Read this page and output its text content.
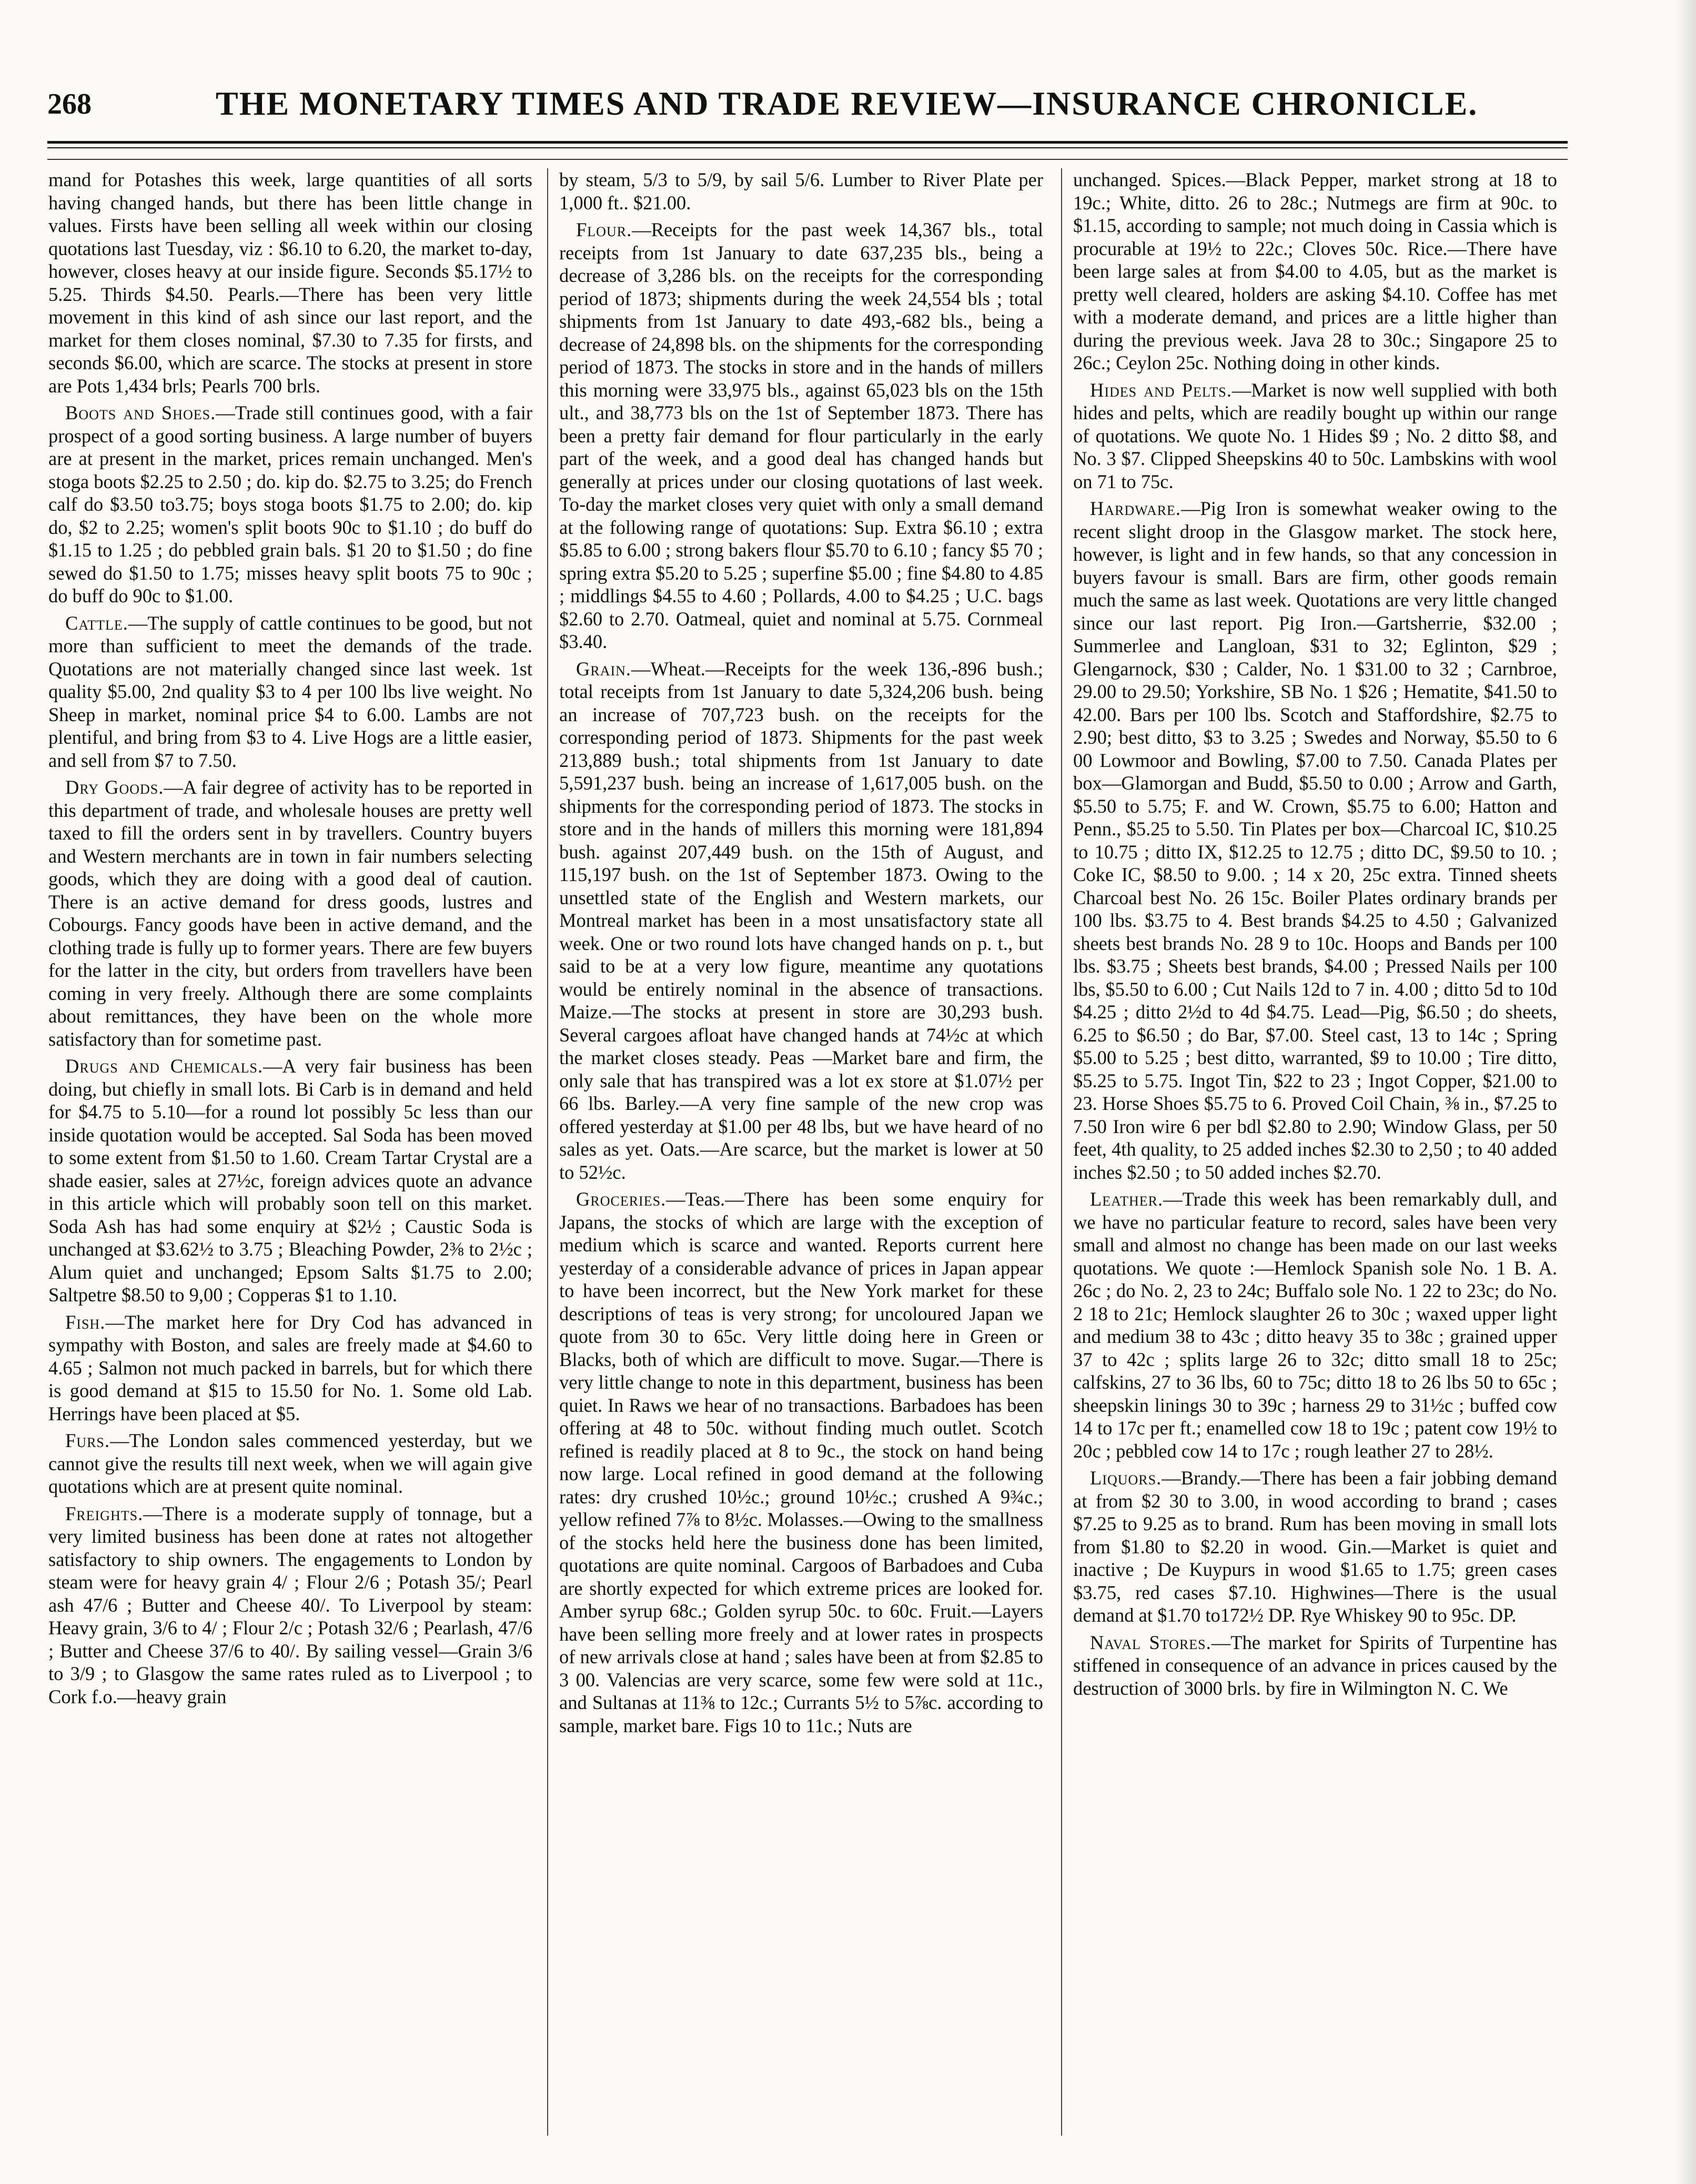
268	THE MONETARY TIMES AND TRADE REVIEW—INSURANCE CHRONICLE.

mand for Potashes this week, large quantities of all sorts having changed hands, but there has been little change in values. Firsts have been selling all week within our closing quotations last Tuesday, viz : $6.10 to 6.20, the market to-day, however, closes heavy at our inside figure. Seconds $5.17½ to 5.25. Thirds $4.50. Pearls.—There has been very little movement in this kind of ash since our last report, and the market for them closes nominal, $7.30 to 7.35 for firsts, and seconds $6.00, which are scarce. The stocks at present in store are Pots 1,434 brls; Pearls 700 brls.

Boots and Shoes.—Trade still continues good, with a fair prospect of a good sorting business. A large number of buyers are at present in the market, prices remain unchanged. Men's stoga boots $2.25 to 2.50 ; do. kip do. $2.75 to 3.25; do French calf do $3.50 to3.75; boys stoga boots $1.75 to 2.00; do. kip do, $2 to 2.25; women's split boots 90c to $1.10 ; do buff do $1.15 to 1.25 ; do pebbled grain bals. $1 20 to $1.50 ; do fine sewed do $1.50 to 1.75; misses heavy split boots 75 to 90c ; do buff do 90c to $1.00.

Cattle.—The supply of cattle continues to be good, but not more than sufficient to meet the demands of the trade. Quotations are not materially changed since last week. 1st quality $5.00, 2nd quality $3 to 4 per 100 lbs live weight. No Sheep in market, nominal price $4 to 6.00. Lambs are not plentiful, and bring from $3 to 4. Live Hogs are a little easier, and sell from $7 to 7.50.

Dry Goods.—A fair degree of activity has to be reported in this department of trade, and wholesale houses are pretty well taxed to fill the orders sent in by travellers. Country buyers and Western merchants are in town in fair numbers selecting goods, which they are doing with a good deal of caution. There is an active demand for dress goods, lustres and Cobourgs. Fancy goods have been in active demand, and the clothing trade is fully up to former years. There are few buyers for the latter in the city, but orders from travellers have been coming in very freely. Although there are some complaints about remittances, they have been on the whole more satisfactory than for sometime past.

Drugs and Chemicals.—A very fair business has been doing, but chiefly in small lots. Bi Carb is in demand and held for $4.75 to 5.10—for a round lot possibly 5c less than our inside quotation would be accepted. Sal Soda has been moved to some extent from $1.50 to 1.60. Cream Tartar Crystal are a shade easier, sales at 27½c, foreign advices quote an advance in this article which will probably soon tell on this market. Soda Ash has had some enquiry at $2½ ; Caustic Soda is unchanged at $3.62½ to 3.75 ; Bleaching Powder, 2⅜ to 2½c ; Alum quiet and unchanged; Epsom Salts $1.75 to 2.00; Saltpetre $8.50 to 9,00 ; Copperas $1 to 1.10.

Fish.—The market here for Dry Cod has advanced in sympathy with Boston, and sales are freely made at $4.60 to 4.65 ; Salmon not much packed in barrels, but for which there is good demand at $15 to 15.50 for No. 1. Some old Lab. Herrings have been placed at $5.

Furs.—The London sales commenced yesterday, but we cannot give the results till next week, when we will again give quotations which are at present quite nominal.

Freights.—There is a moderate supply of tonnage, but a very limited business has been done at rates not altogether satisfactory to ship owners. The engagements to London by steam were for heavy grain 4/ ; Flour 2/6 ; Potash 35/; Pearl ash 47/6 ; Butter and Cheese 40/. To Liverpool by steam: Heavy grain, 3/6 to 4/ ; Flour 2/c ; Potash 32/6 ; Pearlash, 47/6 ; Butter and Cheese 37/6 to 40/. By sailing vessel—Grain 3/6 to 3/9 ; to Glasgow the same rates ruled as to Liverpool ; to Cork f.o.—heavy grain

by steam, 5/3 to 5/9, by sail 5/6. Lumber to River Plate per 1,000 ft.. $21.00.

Flour.—Receipts for the past week 14,367 bls., total receipts from 1st January to date 637,235 bls., being a decrease of 3,286 bls. on the receipts for the corresponding period of 1873; shipments during the week 24,554 bls ; total shipments from 1st January to date 493,-682 bls., being a decrease of 24,898 bls. on the shipments for the corresponding period of 1873. The stocks in store and in the hands of millers this morning were 33,975 bls., against 65,023 bls on the 15th ult., and 38,773 bls on the 1st of September 1873. There has been a pretty fair demand for flour particularly in the early part of the week, and a good deal has changed hands but generally at prices under our closing quotations of last week. To-day the market closes very quiet with only a small demand at the following range of quotations: Sup. Extra $6.10 ; extra $5.85 to 6.00 ; strong bakers flour $5.70 to 6.10 ; fancy $5 70 ; spring extra $5.20 to 5.25 ; superfine $5.00 ; fine $4.80 to 4.85 ; middlings $4.55 to 4.60 ; Pollards, 4.00 to $4.25 ; U.C. bags $2.60 to 2.70. Oatmeal, quiet and nominal at 5.75. Cornmeal $3.40.

Grain.—Wheat.—Receipts for the week 136,-896 bush.; total receipts from 1st January to date 5,324,206 bush. being an increase of 707,723 bush. on the receipts for the corresponding period of 1873. Shipments for the past week 213,889 bush.; total shipments from 1st January to date 5,591,237 bush. being an increase of 1,617,005 bush. on the shipments for the corresponding period of 1873. The stocks in store and in the hands of millers this morning were 181,894 bush. against 207,449 bush. on the 15th of August, and 115,197 bush. on the 1st of September 1873. Owing to the unsettled state of the English and Western markets, our Montreal market has been in a most unsatisfactory state all week. One or two round lots have changed hands on p. t., but said to be at a very low figure, meantime any quotations would be entirely nominal in the absence of transactions. Maize.—The stocks at present in store are 30,293 bush. Several cargoes afloat have changed hands at 74½c at which the market closes steady. Peas —Market bare and firm, the only sale that has transpired was a lot ex store at $1.07½ per 66 lbs. Barley.—A very fine sample of the new crop was offered yesterday at $1.00 per 48 lbs, but we have heard of no sales as yet. Oats.—Are scarce, but the market is lower at 50 to 52½c.

Groceries.—Teas.—There has been some enquiry for Japans, the stocks of which are large with the exception of medium which is scarce and wanted. Reports current here yesterday of a considerable advance of prices in Japan appear to have been incorrect, but the New York market for these descriptions of teas is very strong; for uncoloured Japan we quote from 30 to 65c. Very little doing here in Green or Blacks, both of which are difficult to move. Sugar.—There is very little change to note in this department, business has been quiet. In Raws we hear of no transactions. Barbadoes has been offering at 48 to 50c. without finding much outlet. Scotch refined is readily placed at 8 to 9c., the stock on hand being now large. Local refined in good demand at the following rates: dry crushed 10½c.; ground 10½c.; crushed A 9¾c.; yellow refined 7⅞ to 8½c. Molasses.—Owing to the smallness of the stocks held here the business done has been limited, quotations are quite nominal. Cargoos of Barbadoes and Cuba are shortly expected for which extreme prices are looked for. Amber syrup 68c.; Golden syrup 50c. to 60c. Fruit.—Layers have been selling more freely and at lower rates in prospects of new arrivals close at hand ; sales have been at from $2.85 to 3 00. Valencias are very scarce, some few were sold at 11c., and Sultanas at 11⅜ to 12c.; Currants 5½ to 5⅞c. according to sample, market bare. Figs 10 to 11c.; Nuts are

unchanged. Spices.—Black Pepper, market strong at 18 to 19c.; White, ditto. 26 to 28c.; Nutmegs are firm at 90c. to $1.15, according to sample; not much doing in Cassia which is procurable at 19½ to 22c.; Cloves 50c. Rice.—There have been large sales at from $4.00 to 4.05, but as the market is pretty well cleared, holders are asking $4.10. Coffee has met with a moderate demand, and prices are a little higher than during the previous week. Java 28 to 30c.; Singapore 25 to 26c.; Ceylon 25c. Nothing doing in other kinds.

Hides and Pelts.—Market is now well supplied with both hides and pelts, which are readily bought up within our range of quotations. We quote No. 1 Hides $9 ; No. 2 ditto $8, and No. 3 $7. Clipped Sheepskins 40 to 50c. Lambskins with wool on 71 to 75c.

Hardware.—Pig Iron is somewhat weaker owing to the recent slight droop in the Glasgow market. The stock here, however, is light and in few hands, so that any concession in buyers favour is small. Bars are firm, other goods remain much the same as last week. Quotations are very little changed since our last report. Pig Iron.—Gartsherrie, $32.00 ; Summerlee and Langloan, $31 to 32; Eglinton, $29 ; Glengarnock, $30 ; Calder, No. 1 $31.00 to 32 ; Carnbroe, 29.00 to 29.50; Yorkshire, SB No. 1 $26 ; Hematite, $41.50 to 42.00. Bars per 100 lbs. Scotch and Staffordshire, $2.75 to 2.90; best ditto, $3 to 3.25 ; Swedes and Norway, $5.50 to 6 00 Lowmoor and Bowling, $7.00 to 7.50. Canada Plates per box—Glamorgan and Budd, $5.50 to 0.00 ; Arrow and Garth, $5.50 to 5.75; F. and W. Crown, $5.75 to 6.00; Hatton and Penn., $5.25 to 5.50. Tin Plates per box—Charcoal IC, $10.25 to 10.75 ; ditto IX, $12.25 to 12.75 ; ditto DC, $9.50 to 10. ; Coke IC, $8.50 to 9.00. ; 14 x 20, 25c extra. Tinned sheets Charcoal best No. 26 15c. Boiler Plates ordinary brands per 100 lbs. $3.75 to 4. Best brands $4.25 to 4.50 ; Galvanized sheets best brands No. 28 9 to 10c. Hoops and Bands per 100 lbs. $3.75 ; Sheets best brands, $4.00 ; Pressed Nails per 100 lbs, $5.50 to 6.00 ; Cut Nails 12d to 7 in. 4.00 ; ditto 5d to 10d $4.25 ; ditto 2½d to 4d $4.75. Lead—Pig, $6.50 ; do sheets, 6.25 to $6.50 ; do Bar, $7.00. Steel cast, 13 to 14c ; Spring $5.00 to 5.25 ; best ditto, warranted, $9 to 10.00 ; Tire ditto, $5.25 to 5.75. Ingot Tin, $22 to 23 ; Ingot Copper, $21.00 to 23. Horse Shoes $5.75 to 6. Proved Coil Chain, ⅜ in., $7.25 to 7.50 Iron wire 6 per bdl $2.80 to 2.90; Window Glass, per 50 feet, 4th quality, to 25 added inches $2.30 to 2,50 ; to 40 added inches $2.50 ; to 50 added inches $2.70.

Leather.—Trade this week has been remarkably dull, and we have no particular feature to record, sales have been very small and almost no change has been made on our last weeks quotations. We quote :—Hemlock Spanish sole No. 1 B. A. 26c ; do No. 2, 23 to 24c; Buffalo sole No. 1 22 to 23c; do No. 2 18 to 21c; Hemlock slaughter 26 to 30c ; waxed upper light and medium 38 to 43c ; ditto heavy 35 to 38c ; grained upper 37 to 42c ; splits large 26 to 32c; ditto small 18 to 25c; calfskins, 27 to 36 lbs, 60 to 75c; ditto 18 to 26 lbs 50 to 65c ; sheepskin linings 30 to 39c ; harness 29 to 31½c ; buffed cow 14 to 17c per ft.; enamelled cow 18 to 19c ; patent cow 19½ to 20c ; pebbled cow 14 to 17c ; rough leather 27 to 28½.

Liquors.—Brandy.—There has been a fair jobbing demand at from $2 30 to 3.00, in wood according to brand ; cases $7.25 to 9.25 as to brand. Rum has been moving in small lots from $1.80 to $2.20 in wood. Gin.—Market is quiet and inactive ; De Kuypurs in wood $1.65 to 1.75; green cases $3.75, red cases $7.10. Highwines—There is the usual demand at $1.70 to172½ DP. Rye Whiskey 90 to 95c. DP.

Naval Stores.—The market for Spirits of Turpentine has stiffened in consequence of an advance in prices caused by the destruction of 3000 brls. by fire in Wilmington N. C. We
